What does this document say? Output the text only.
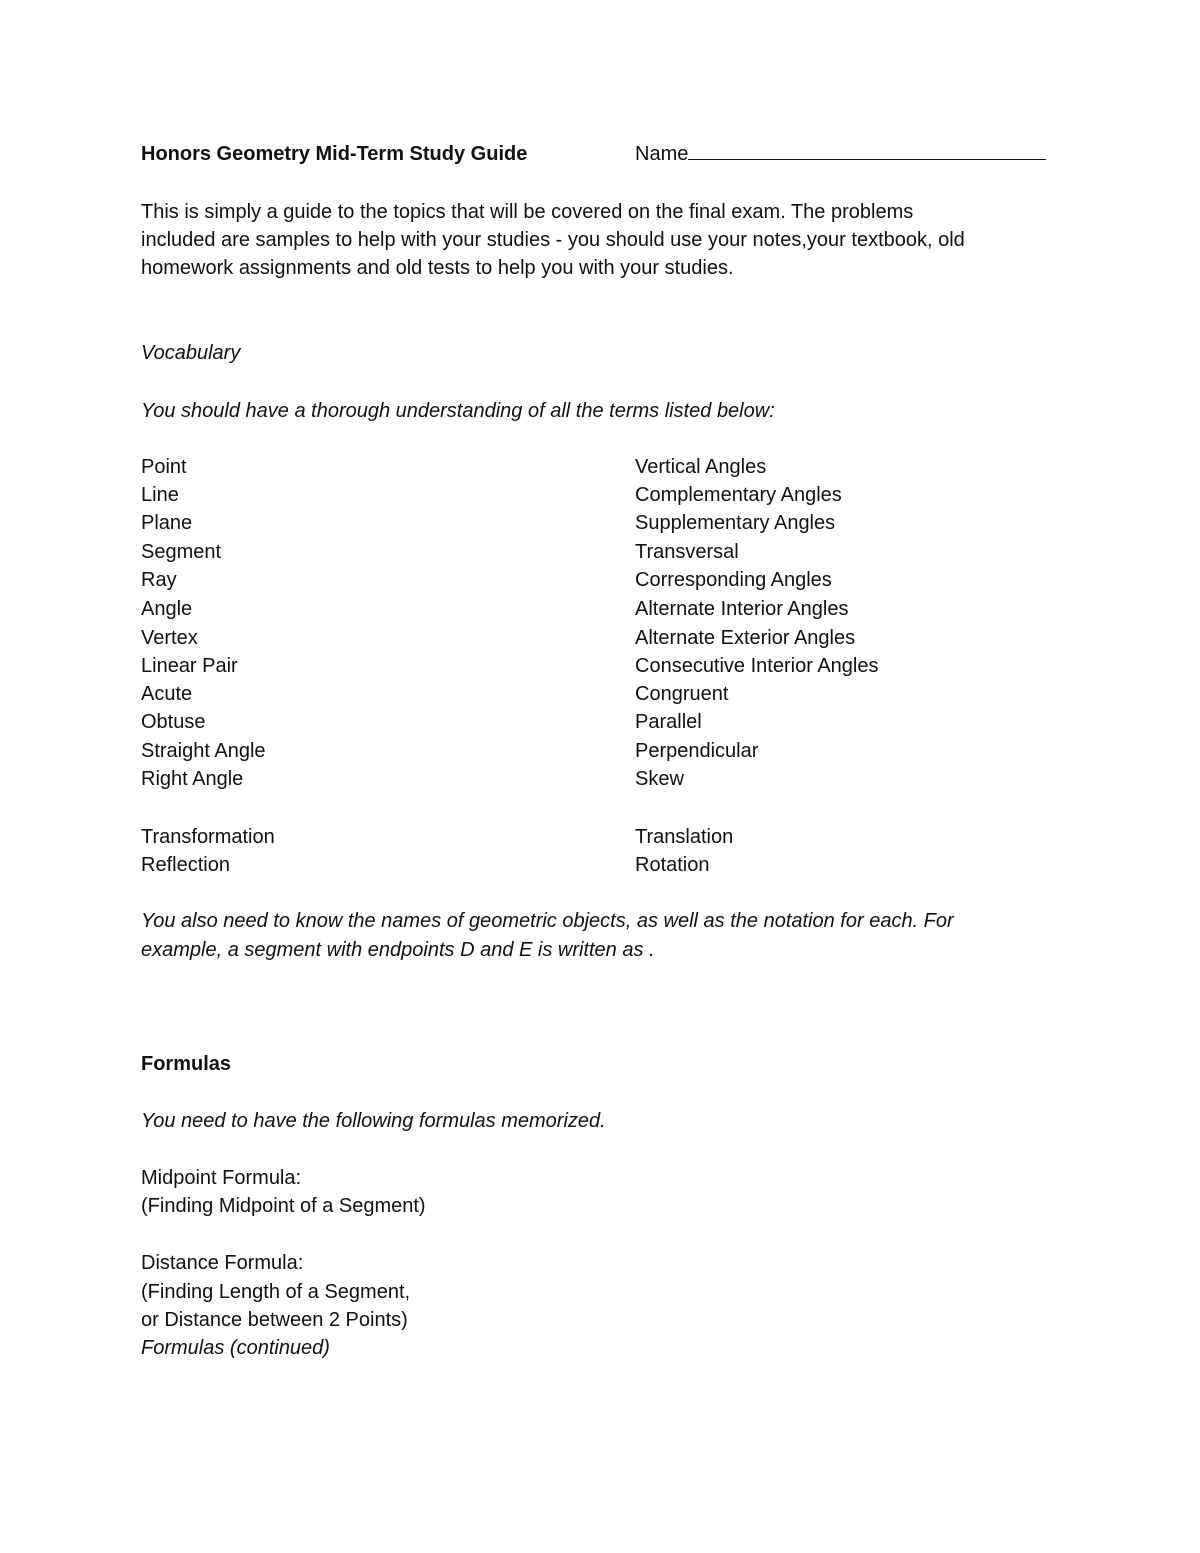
Honors Geometry Mid-Term Study Guide	Name
This is simply a guide to the topics that will be covered on the final exam. The problems
included are samples to help with your studies - you should use your notes,your textbook, old
homework assignments and old tests to help you with your studies.
Vocabulary
You should have a thorough understanding of all the terms listed below:
Point
Line
Plane
Segment
Ray
Angle
Vertex
Linear Pair
Acute
Obtuse
Straight Angle
Right Angle
Vertical Angles
Complementary Angles
Supplementary Angles
Transversal
Corresponding Angles
Alternate Interior Angles
Alternate Exterior Angles
Consecutive Interior Angles
Congruent
Parallel
Perpendicular
Skew
Transformation
Reflection
Translation
Rotation
You also need to know the names of geometric objects, as well as the notation for each. For
example, a segment with endpoints D and E is written as .
Formulas
You need to have the following formulas memorized.
Midpoint Formula:
(Finding Midpoint of a Segment)
Distance Formula:
(Finding Length of a Segment,
or Distance between 2 Points)
Formulas (continued)
